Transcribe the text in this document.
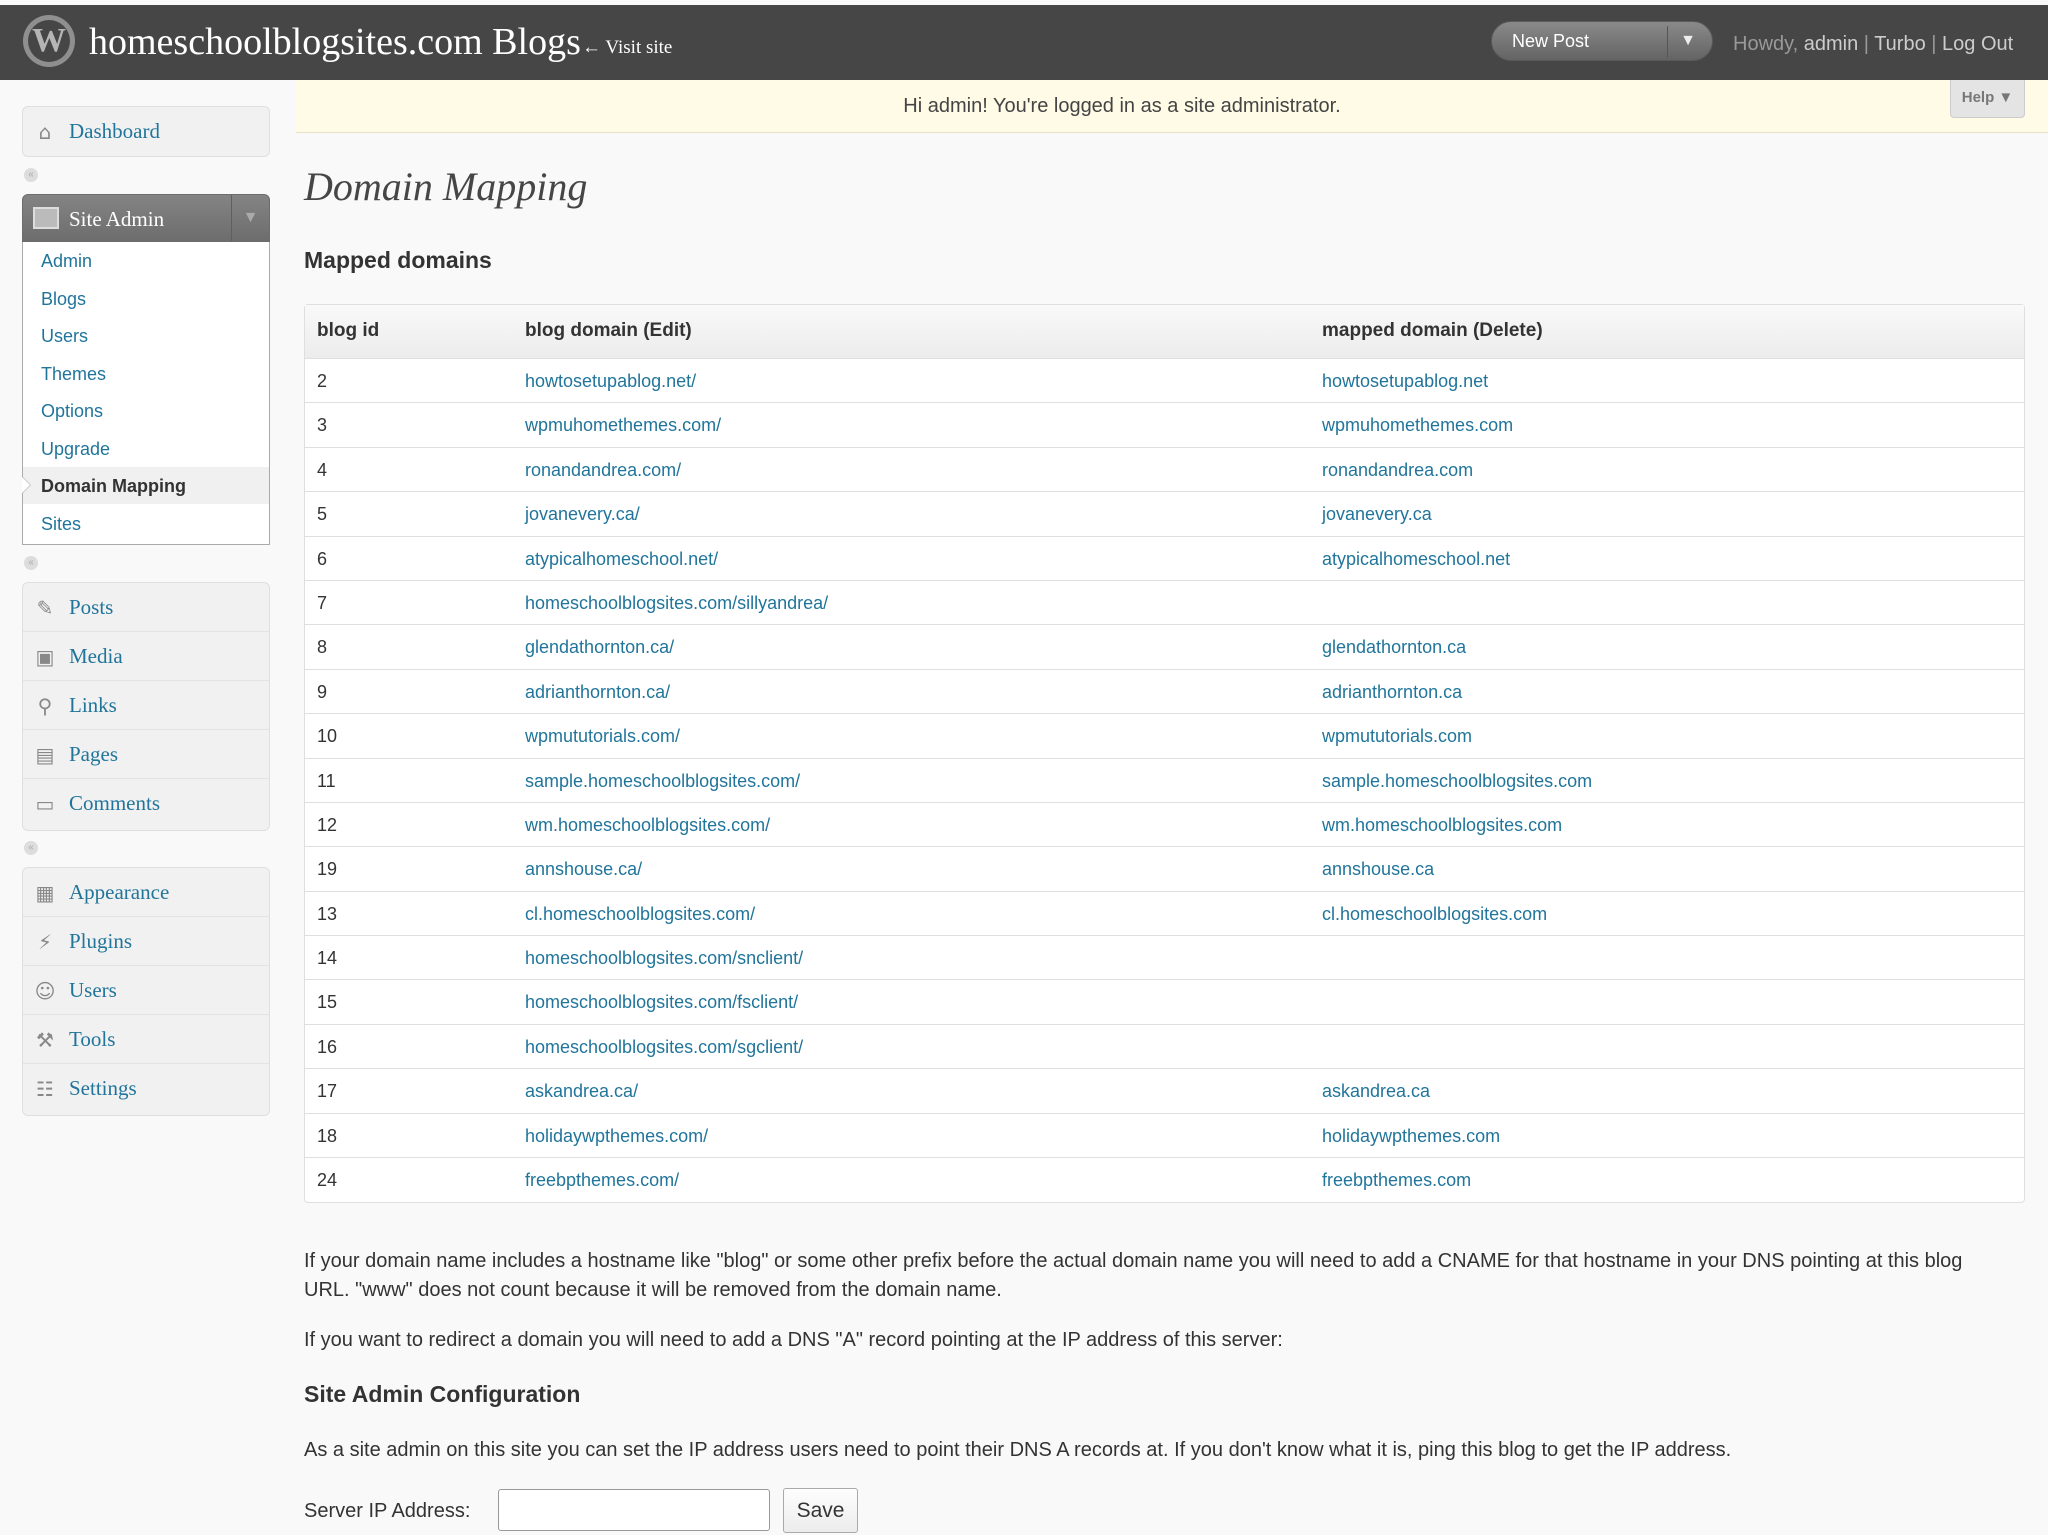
W homeschoolblogsites.com Blogs ← Visit site	New Post	▼ Howdy, admin | Turbo | Log Out
Hi admin! You're logged in as a site administrator.	Help ▼
⌂ Dashboard
«
Site Admin	▼
Admin
Blogs
Users
Themes
Options
Upgrade
Domain Mapping
Sites
«
✎ Posts
▣ Media
⚲ Links
▤ Pages
▭ Comments
«
▦ Appearance
⚡ Plugins
☺ Users
⚒ Tools
☷ Settings
Domain Mapping
Mapped domains
blog id	blog domain (Edit)	mapped domain (Delete)
2	howtosetupablog.net/	howtosetupablog.net
3	wpmuhomethemes.com/	wpmuhomethemes.com
4	ronandandrea.com/	ronandandrea.com
5	jovanevery.ca/	jovanevery.ca
6	atypicalhomeschool.net/	atypicalhomeschool.net
7	homeschoolblogsites.com/sillyandrea/
8	glendathornton.ca/	glendathornton.ca
9	adrianthornton.ca/	adrianthornton.ca
10	wpmututorials.com/	wpmututorials.com
11	sample.homeschoolblogsites.com/	sample.homeschoolblogsites.com
12	wm.homeschoolblogsites.com/	wm.homeschoolblogsites.com
19	annshouse.ca/	annshouse.ca
13	cl.homeschoolblogsites.com/	cl.homeschoolblogsites.com
14	homeschoolblogsites.com/snclient/
15	homeschoolblogsites.com/fsclient/
16	homeschoolblogsites.com/sgclient/
17	askandrea.ca/	askandrea.ca
18	holidaywpthemes.com/	holidaywpthemes.com
24	freebpthemes.com/	freebpthemes.com
If your domain name includes a hostname like "blog" or some other prefix before the actual domain name you will need to add a CNAME for that hostname in your DNS pointing at this blog URL. "www" does not count because it will be removed from the domain name.
If you want to redirect a domain you will need to add a DNS "A" record pointing at the IP address of this server:
Site Admin Configuration
As a site admin on this site you can set the IP address users need to point their DNS A records at. If you don't know what it is, ping this blog to get the IP address.
Server IP Address:	Save
